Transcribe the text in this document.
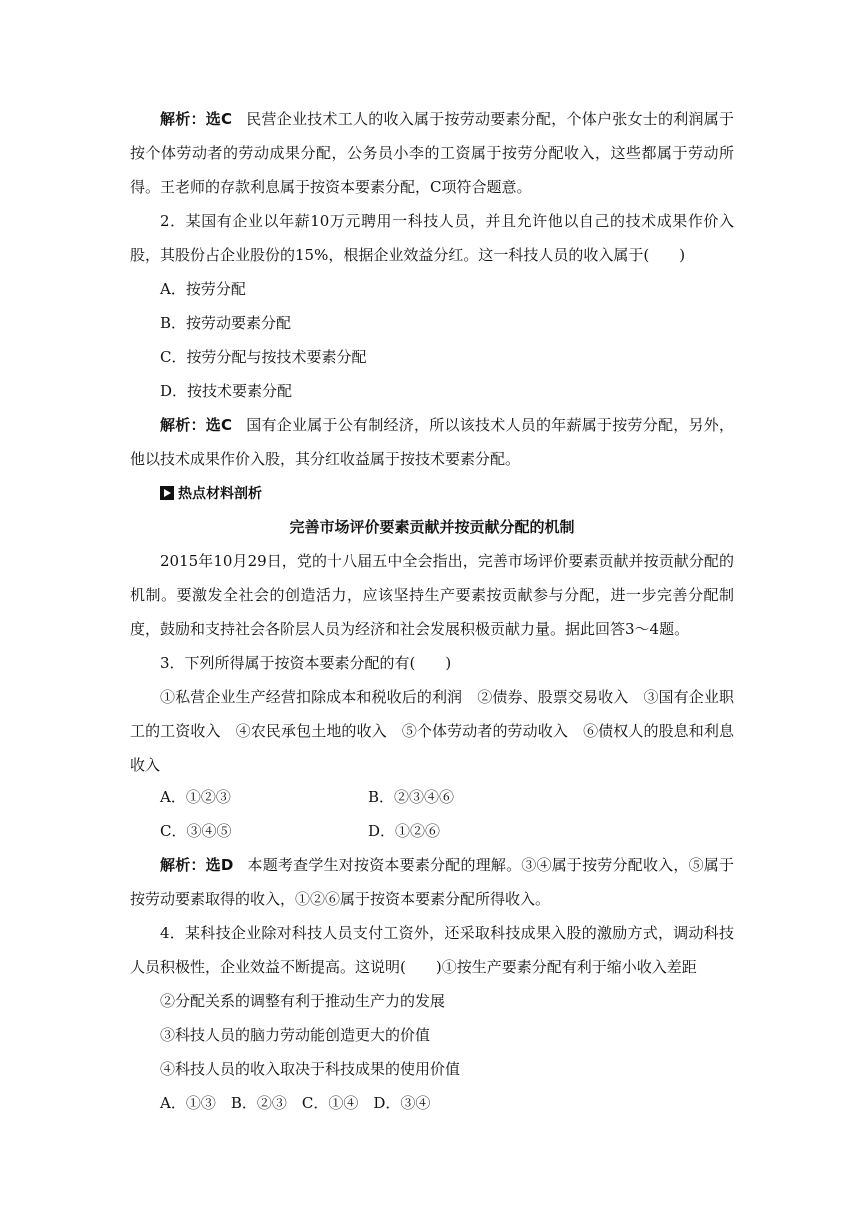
解析：选C 民营企业技术工人的收入属于按劳动要素分配，个体户张女士的利润属于按个体劳动者的劳动成果分配，公务员小李的工资属于按劳分配收入，这些都属于劳动所得。王老师的存款利息属于按资本要素分配，C项符合题意。

2．某国有企业以年薪10万元聘用一科技人员，并且允许他以自己的技术成果作价入股，其股份占企业股份的15%，根据企业效益分红。这一科技人员的收入属于(　　)

A．按劳分配
B．按劳动要素分配
C．按劳分配与按技术要素分配
D．按技术要素分配

解析：选C 国有企业属于公有制经济，所以该技术人员的年薪属于按劳分配，另外，他以技术成果作价入股，其分红收益属于按技术要素分配。

热点材料剖析

完善市场评价要素贡献并按贡献分配的机制

2015年10月29日，党的十八届五中全会指出，完善市场评价要素贡献并按贡献分配的机制。要激发全社会的创造活力，应该坚持生产要素按贡献参与分配，进一步完善分配制度，鼓励和支持社会各阶层人员为经济和社会发展积极贡献力量。据此回答3～4题。

3．下列所得属于按资本要素分配的有(　　)

①私营企业生产经营扣除成本和税收后的利润　②债券、股票交易收入　③国有企业职工的工资收入　④农民承包土地的收入　⑤个体劳动者的劳动收入　⑥债权人的股息和利息收入

A．①②③	B．②③④⑥
C．③④⑤	D．①②⑥

解析：选D 本题考查学生对按资本要素分配的理解。③④属于按劳分配收入，⑤属于按劳动要素取得的收入，①②⑥属于按资本要素分配所得收入。

4．某科技企业除对科技人员支付工资外，还采取科技成果入股的激励方式，调动科技人员积极性，企业效益不断提高。这说明(　　)①按生产要素分配有利于缩小收入差距

②分配关系的调整有利于推动生产力的发展
③科技人员的脑力劳动能创造更大的价值
④科技人员的收入取决于科技成果的使用价值
A．①③　B．②③　C．①④　D．③④
